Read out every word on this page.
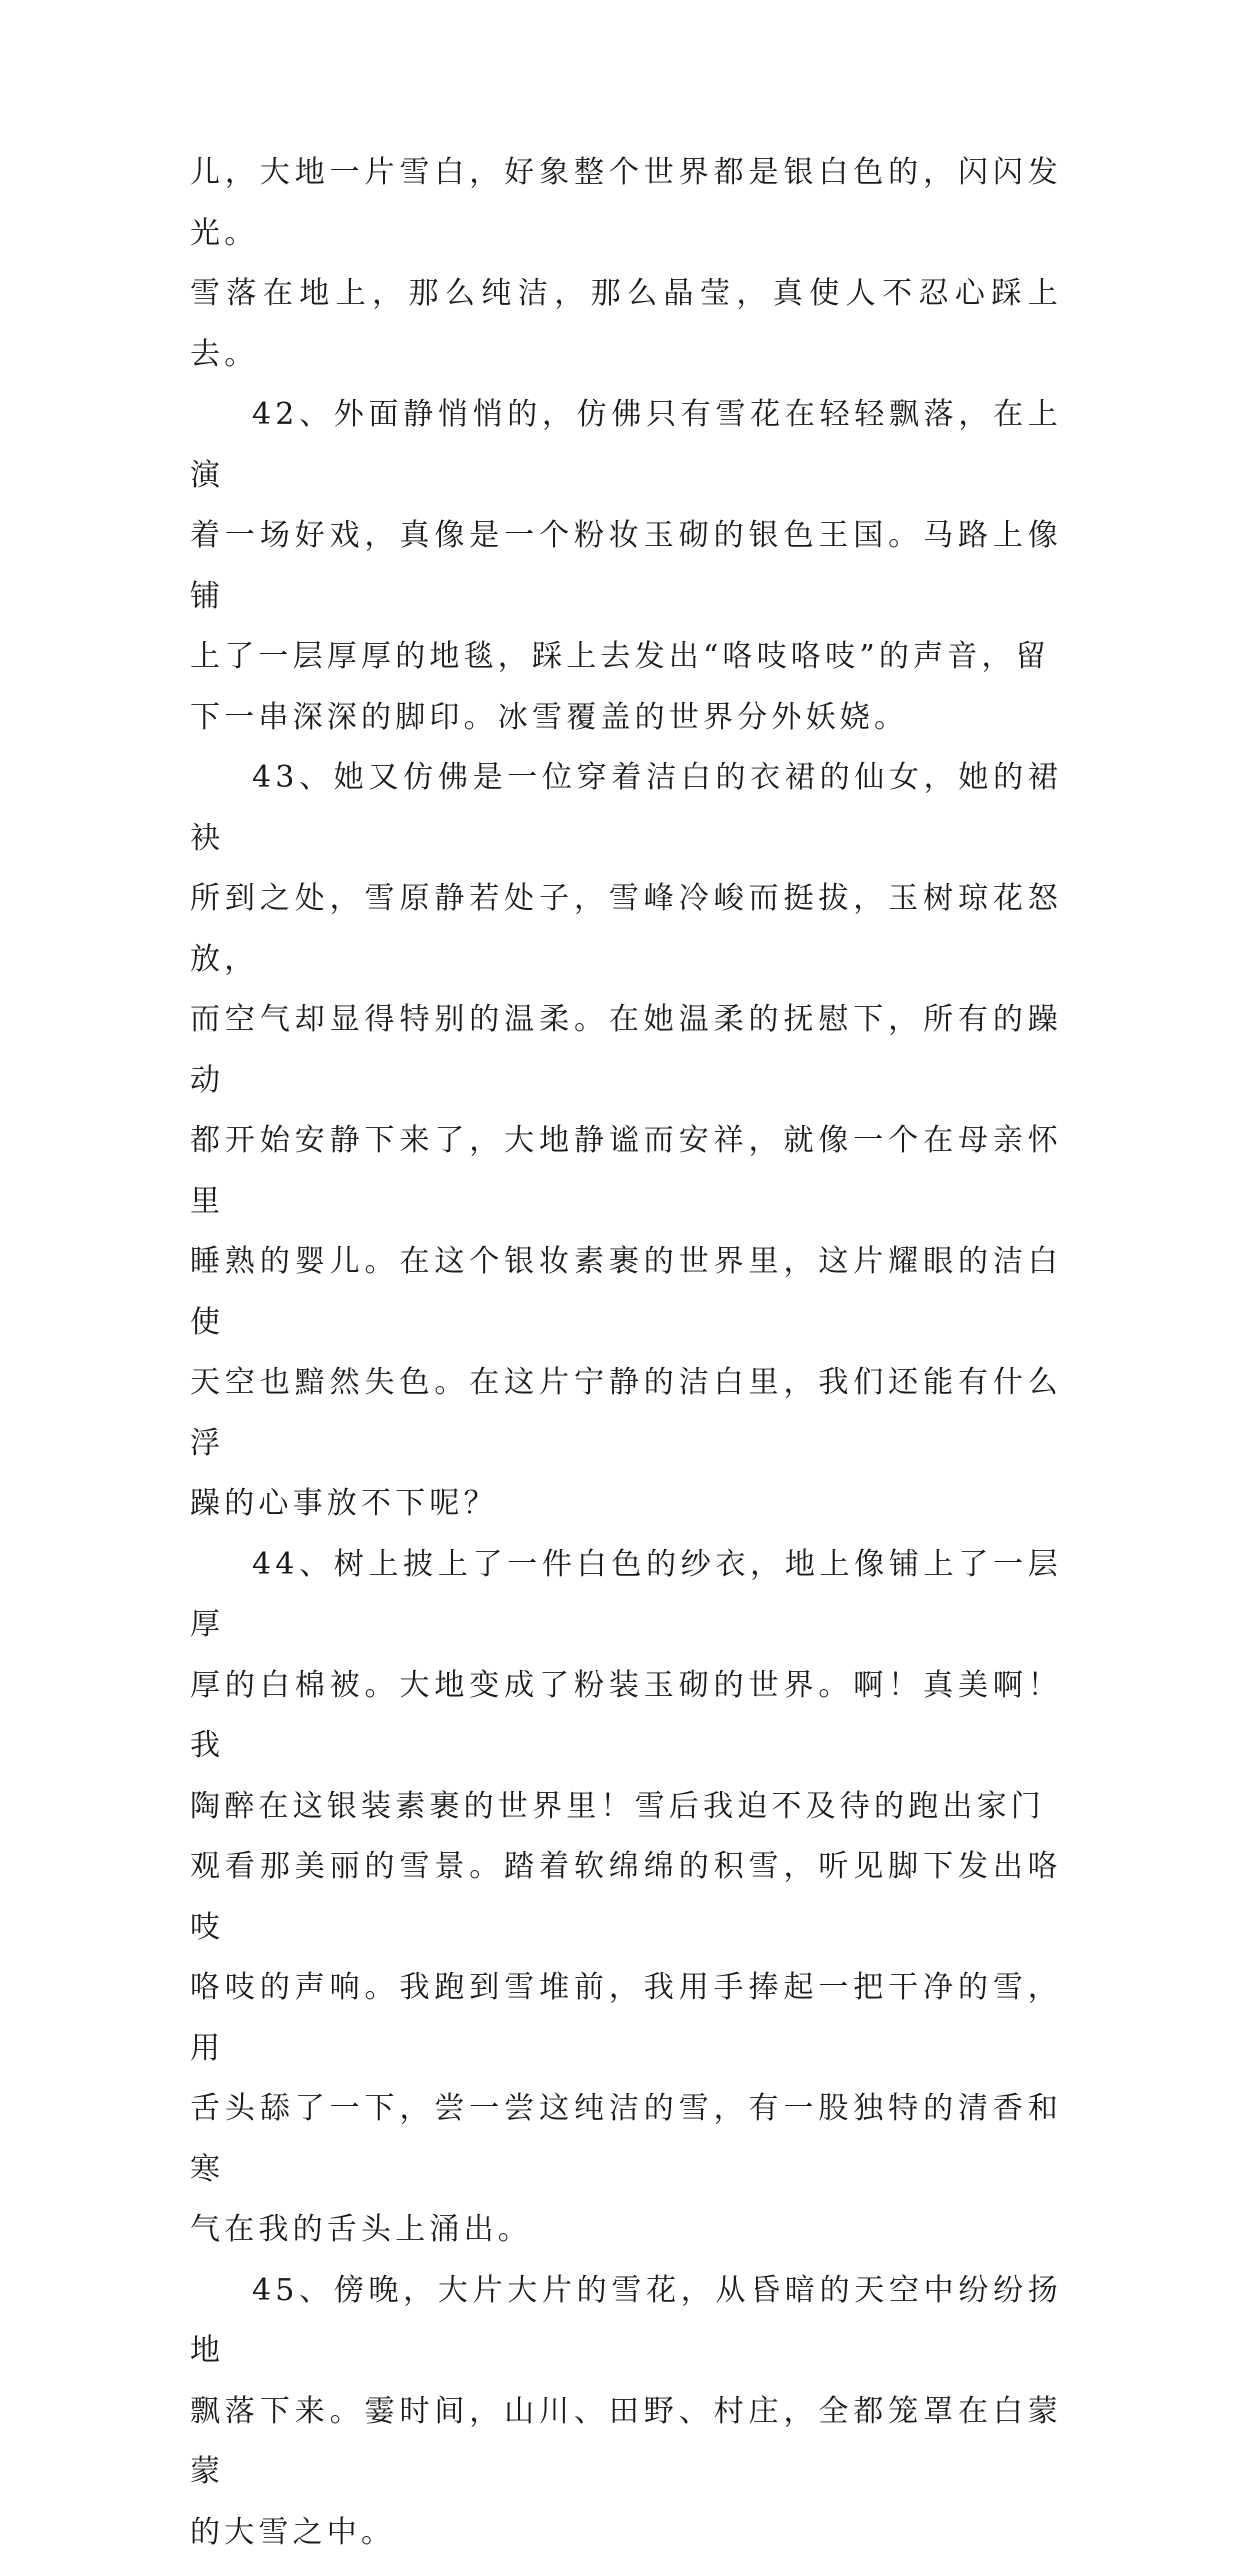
儿，大地一片雪白，好象整个世界都是银白色的，闪闪发光。
雪落在地上，那么纯洁，那么晶莹，真使人不忍心踩上去。

42、外面静悄悄的，仿佛只有雪花在轻轻飘落，在上演
着一场好戏，真像是一个粉妆玉砌的银色王国。马路上像铺
上了一层厚厚的地毯，踩上去发出“咯吱咯吱”的声音，留
下一串深深的脚印。冰雪覆盖的世界分外妖娆。

43、她又仿佛是一位穿着洁白的衣裙的仙女，她的裙袂
所到之处，雪原静若处子，雪峰冷峻而挺拔，玉树琼花怒放，
而空气却显得特别的温柔。在她温柔的抚慰下，所有的躁动
都开始安静下来了，大地静谧而安祥，就像一个在母亲怀里
睡熟的婴儿。在这个银妆素裹的世界里，这片耀眼的洁白使
天空也黯然失色。在这片宁静的洁白里，我们还能有什么浮
躁的心事放不下呢？

44、树上披上了一件白色的纱衣，地上像铺上了一层厚
厚的白棉被。大地变成了粉装玉砌的世界。啊！真美啊！我
陶醉在这银装素裹的世界里！雪后我迫不及待的跑出家门
观看那美丽的雪景。踏着软绵绵的积雪，听见脚下发出咯吱
咯吱的声响。我跑到雪堆前，我用手捧起一把干净的雪，用
舌头舔了一下，尝一尝这纯洁的雪，有一股独特的清香和寒
气在我的舌头上涌出。

45、傍晚，大片大片的雪花，从昏暗的天空中纷纷扬地
飘落下来。霎时间，山川、田野、村庄，全都笼罩在白蒙蒙
的大雪之中。
